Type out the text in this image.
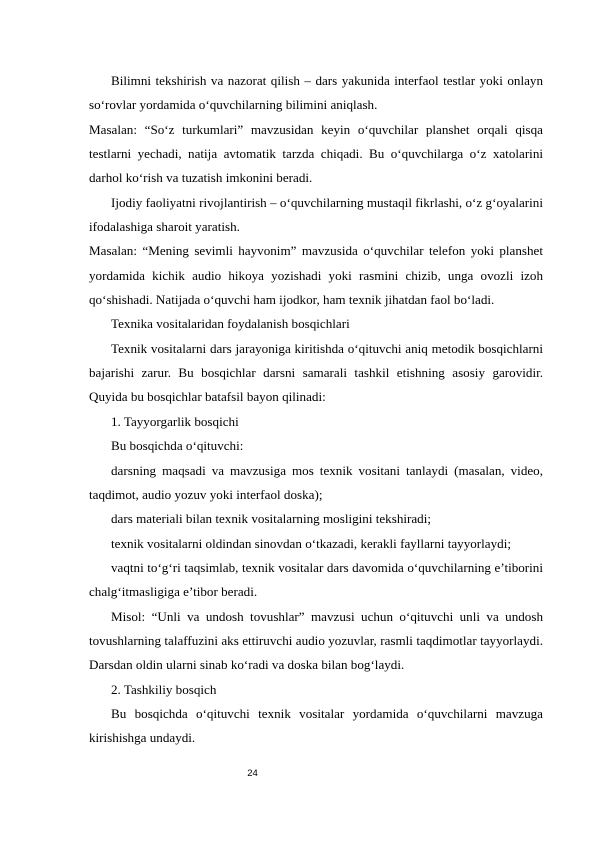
Bilimni tekshirish va nazorat qilish – dars yakunida interfaol testlar yoki onlayn so‘rovlar yordamida o‘quvchilarning bilimini aniqlash.

Masalan: “So‘z turkumlari” mavzusidan keyin o‘quvchilar planshet orqali qisqa testlarni yechadi, natija avtomatik tarzda chiqadi. Bu o‘quvchilarga o‘z xatolarini darhol ko‘rish va tuzatish imkonini beradi.

Ijodiy faoliyatni rivojlantirish – o‘quvchilarning mustaqil fikrlashi, o‘z g‘oyalarini ifodalashiga sharoit yaratish.

Masalan: “Mening sevimli hayvonim” mavzusida o‘quvchilar telefon yoki planshet yordamida kichik audio hikoya yozishadi yoki rasmini chizib, unga ovozli izoh qo‘shishadi. Natijada o‘quvchi ham ijodkor, ham texnik jihatdan faol bo‘ladi.

Texnika vositalaridan foydalanish bosqichlari

Texnik vositalarni dars jarayoniga kiritishda o‘qituvchi aniq metodik bosqichlarni bajarishi zarur. Bu bosqichlar darsni samarali tashkil etishning asosiy garovidir. Quyida bu bosqichlar batafsil bayon qilinadi:

1. Tayyorgarlik bosqichi

Bu bosqichda o‘qituvchi:

darsning maqsadi va mavzusiga mos texnik vositani tanlaydi (masalan, video, taqdimot, audio yozuv yoki interfaol doska);

dars materiali bilan texnik vositalarning mosligini tekshiradi;

texnik vositalarni oldindan sinovdan o‘tkazadi, kerakli fayllarni tayyorlaydi;

vaqtni to‘g‘ri taqsimlab, texnik vositalar dars davomida o‘quvchilarning e’tiborini chalg‘itmasligiga e’tibor beradi.

Misol: “Unli va undosh tovushlar” mavzusi uchun o‘qituvchi unli va undosh tovushlarning talaffuzini aks ettiruvchi audio yozuvlar, rasmli taqdimotlar tayyorlaydi. Darsdan oldin ularni sinab ko‘radi va doska bilan bog‘laydi.

2. Tashkiliy bosqich

Bu bosqichda o‘qituvchi texnik vositalar yordamida o‘quvchilarni mavzuga kirishishga undaydi.

24
